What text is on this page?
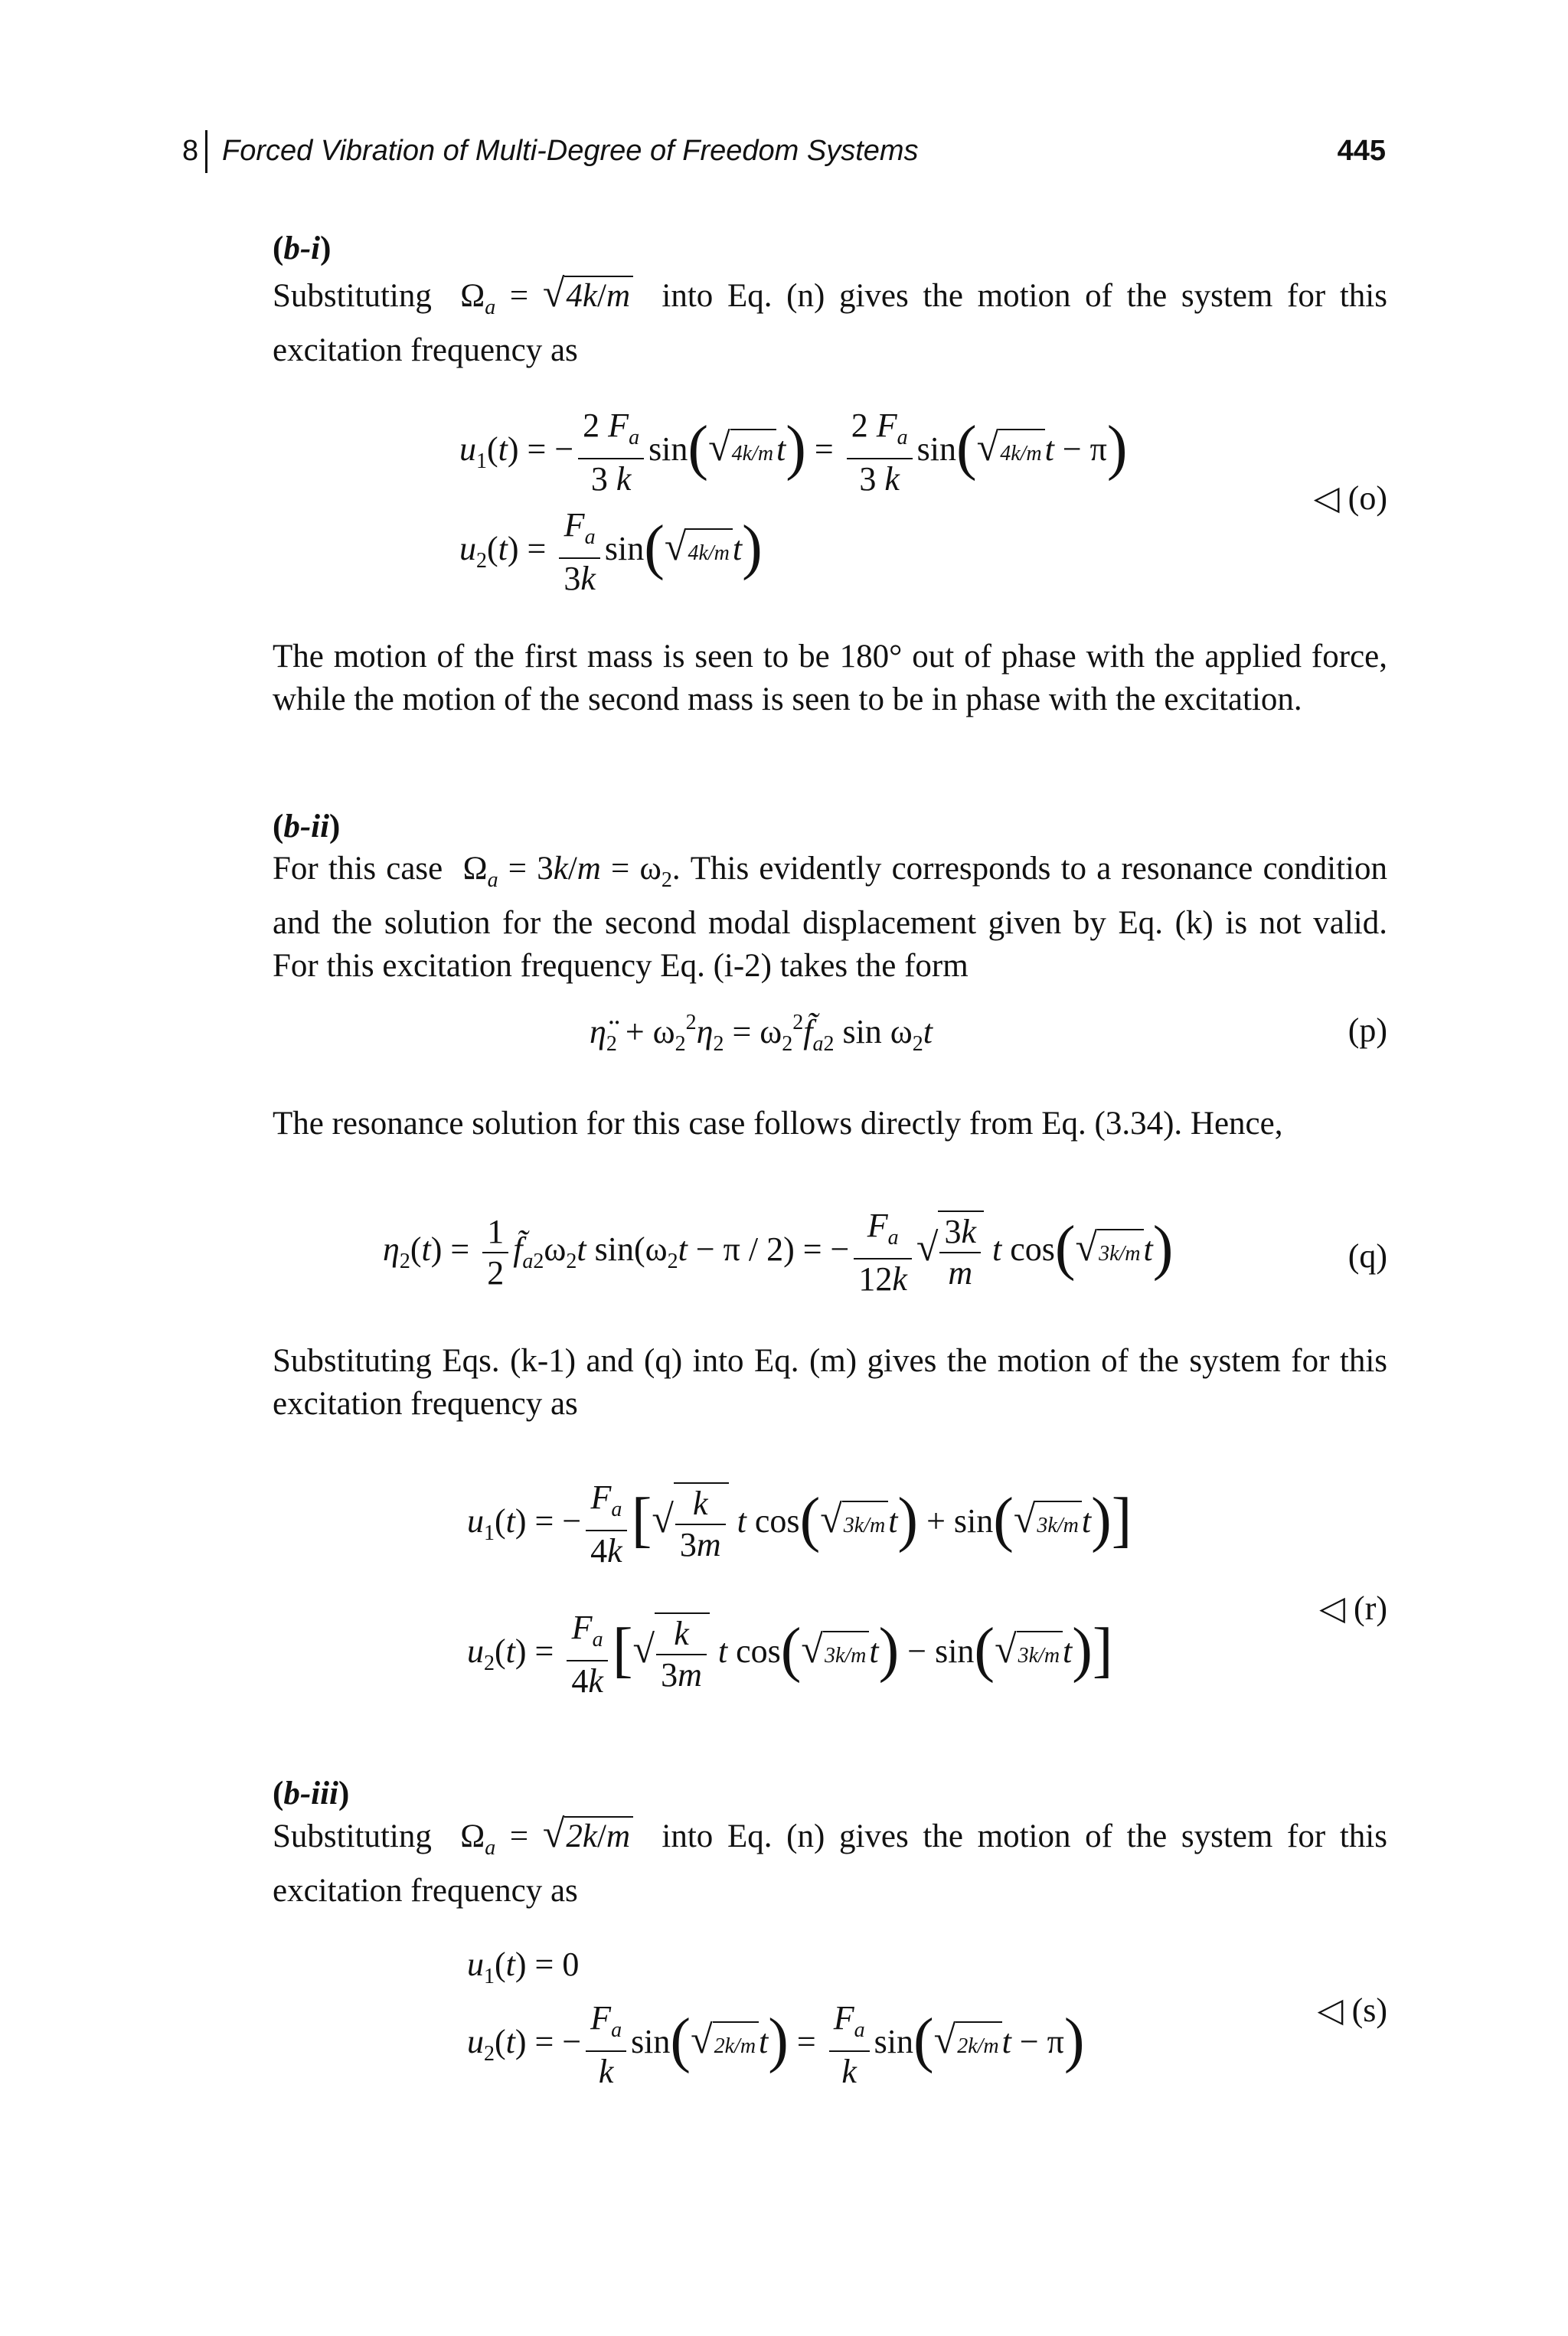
8 Forced Vibration of Multi-Degree of Freedom Systems	445
(b-i)
Substituting  $\Omega_a = √4k/m$ into Eq. (n) gives the motion of the system for this excitation frequency as
$u_1(t)$ = − $\frac{2 F_a}{3 k} \sin(√4k/mt) = \frac{2 F_a}{3 k} \sin(√4k/mt - \pi)$
$u_2(t) = \frac{F_a}{3k} \sin(√4k/mt)$
◁ (o)
The motion of the first mass is seen to be 180° out of phase with the applied force, while the motion of the second mass is seen to be in phase with the excitation.
(b-ii)
For this case  $\Omega_a = 3k/m = \omega_2$. This evidently corresponds to a resonance condition and the solution for the second modal displacement given by Eq. (k) is not valid. For this excitation frequency Eq. (i-2) takes the form
$\etä_2 + \omega_2^2\eta_2$ = $\omega_2^2f̃_{a2}$ $\sin \omega_2t$	(p)
The resonance solution for this case follows directly from Eq. (3.34). Hence,
$\eta_2(t) = \frac{1}{2}$ $f̃_{a2}\omega_2t$ $\sin(\omega_2t - \pi / 2)$ = − $\frac{F_a}{12k}$ √ $\frac{3k}{m}$ t cos(√3k/mt)	(q)
Substituting Eqs. (k-1) and (q) into Eq. (m) gives the motion of the system for this excitation frequency as
$u_1(t)$ = − $\frac{F_a}{4k}$ [√ $\frac{k}{3m}$ t cos(√3k/mt) + sin(√3k/mt)]
$u_2(t) = \frac{F_a}{4k}$ [√ $\frac{k}{3m}$ t cos(√3k/mt) − sin(√3k/mt)]
◁ (r)
(b-iii)
Substituting  $\Omega_a = √2k/m$ into Eq. (n) gives the motion of the system for this excitation frequency as
$u_1(t) = 0$
$u_2(t)$ = − $\frac{F_a}{k} \sin(√2k/mt) = \frac{F_a}{k} \sin(√2k/mt - \pi)$	◁ (s)
